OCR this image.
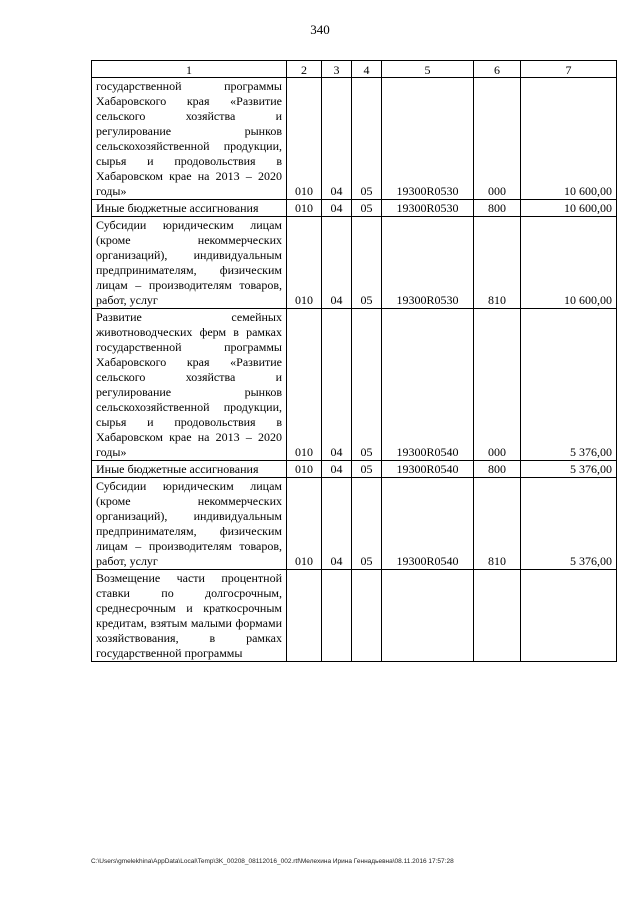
340
1	2	3	4	5	6	7

государственной программы Хабаровского края «Развитие сельского хозяйства и регулирование рынков сельскохозяйственной продукции, сырья и продовольствия в Хабаровском крае на 2013 – 2020 годы»	010	04	05	19300R0530	000	10 600,00

Иные бюджетные ассигнования	010	04	05	19300R0530	800	10 600,00

Субсидии юридическим лицам (кроме некоммерческих организаций), индивидуальным предпринимателям, физическим лицам – производителям товаров, работ, услуг	010	04	05	19300R0530	810	10 600,00

Развитие семейных животноводческих ферм в рамках государственной программы Хабаровского края «Развитие сельского хозяйства и регулирование рынков сельскохозяйственной продукции, сырья и продовольствия в Хабаровском крае на 2013 – 2020 годы»	010	04	05	19300R0540	000	5 376,00

Иные бюджетные ассигнования	010	04	05	19300R0540	800	5 376,00

Субсидии юридическим лицам (кроме некоммерческих организаций), индивидуальным предпринимателям, физическим лицам – производителям товаров, работ, услуг	010	04	05	19300R0540	810	5 376,00

Возмещение части процентной ставки по долгосрочным, среднесрочным и краткосрочным кредитам, взятым малыми формами хозяйствования, в рамках государственной программы						

C:\Users\gmelekhina\AppData\Local\Temp\3K_00208_08112016_002.rtf\Мелехина Ирина Геннадьевна\08.11.2016 17:57:28
